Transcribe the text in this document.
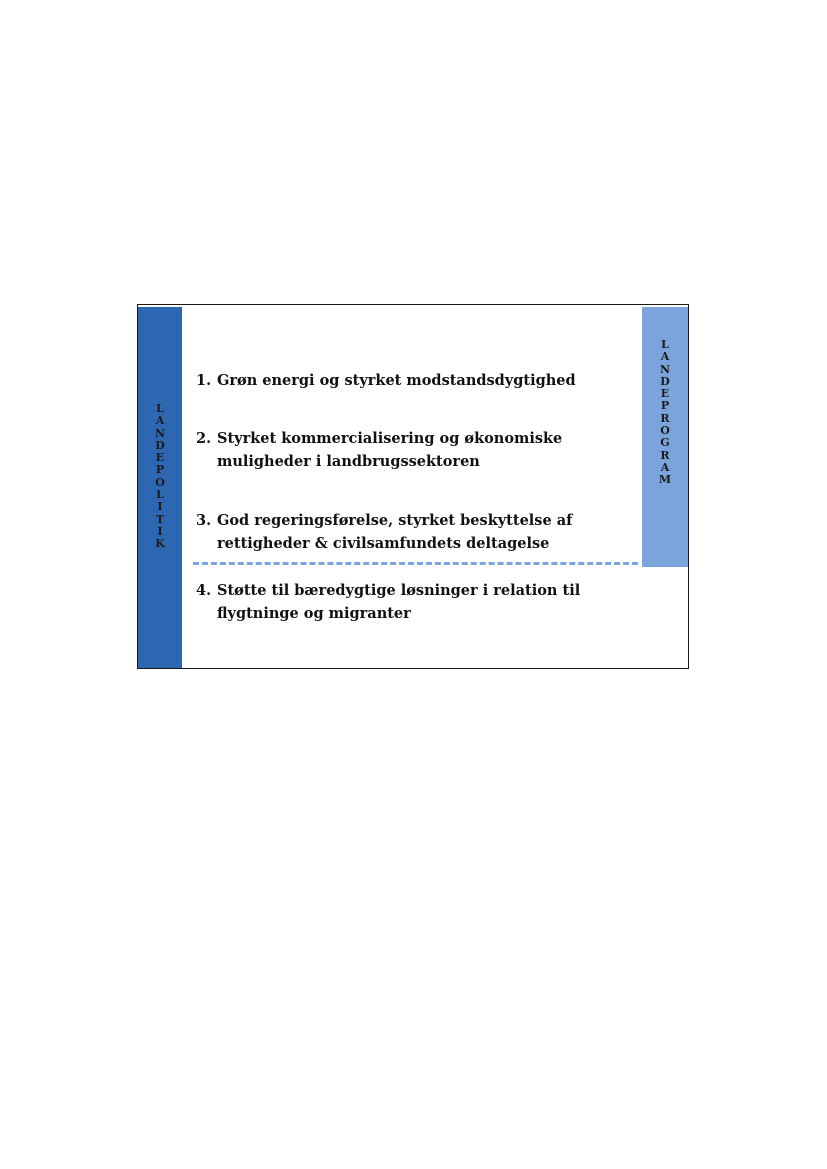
L
A
N
D
E
P
O
L
I
T
I
K
L
A
N
D
E
P
R
O
G
R
A
M
1. Grøn energi og styrket modstandsdygtighed
2. Styrket kommercialisering og økonomiske muligheder i landbrugssektoren
3. God regeringsførelse, styrket beskyttelse af rettigheder & civilsamfundets deltagelse
4. Støtte til bæredygtige løsninger i relation til flygtninge og migranter
